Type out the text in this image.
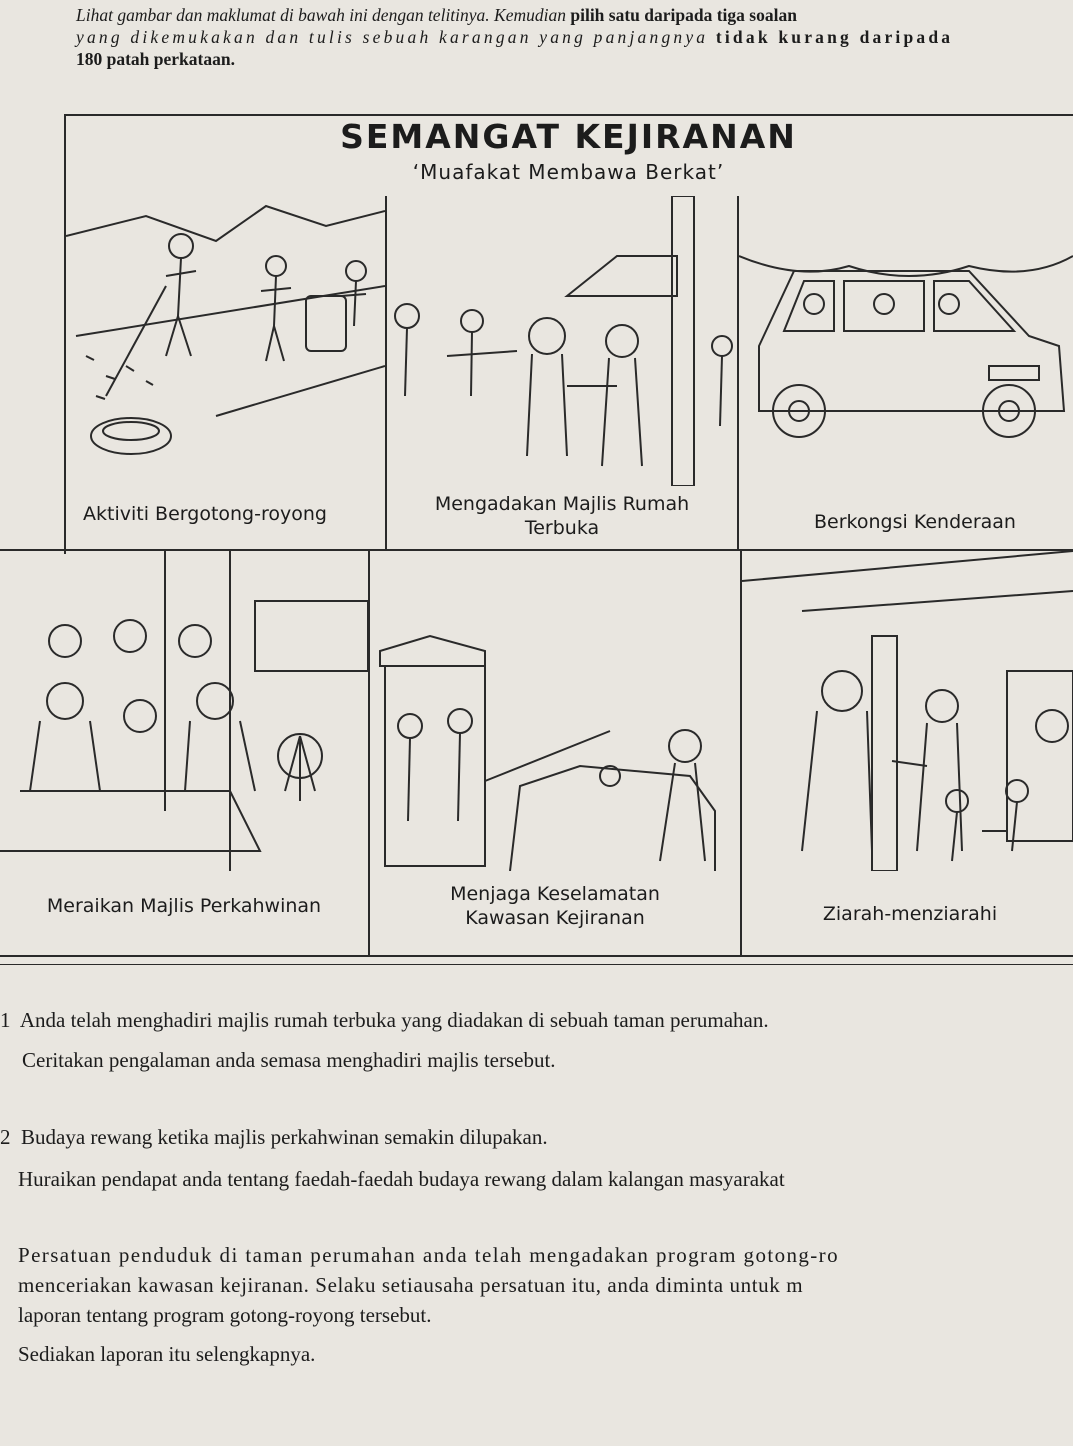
Lihat gambar dan maklumat di bawah ini dengan telitinya. Kemudian pilih satu daripada tiga soalan
yang dikemukakan dan tulis sebuah karangan yang panjangnya tidak kurang daripada
180 patah perkataan.
SEMANGAT KEJIRANAN
‘Muafakat Membawa Berkat’
Aktiviti Bergotong-royong	Mengadakan Majlis Rumah
Terbuka	Berkongsi Kenderaan
Meraikan Majlis Perkahwinan
Menjaga Keselamatan
Kawasan Kejiranan	Ziarah-menziarahi
1 Anda telah menghadiri majlis rumah terbuka yang diadakan di sebuah taman perumahan.
Ceritakan pengalaman anda semasa menghadiri majlis tersebut.
2 Budaya rewang ketika majlis perkahwinan semakin dilupakan.
Huraikan pendapat anda tentang faedah-faedah budaya rewang dalam kalangan masyarakat
Persatuan penduduk di taman perumahan anda telah mengadakan program gotong-ro
menceriakan kawasan kejiranan. Selaku setiausaha persatuan itu, anda diminta untuk m
laporan tentang program gotong-royong tersebut.
Sediakan laporan itu selengkapnya.
